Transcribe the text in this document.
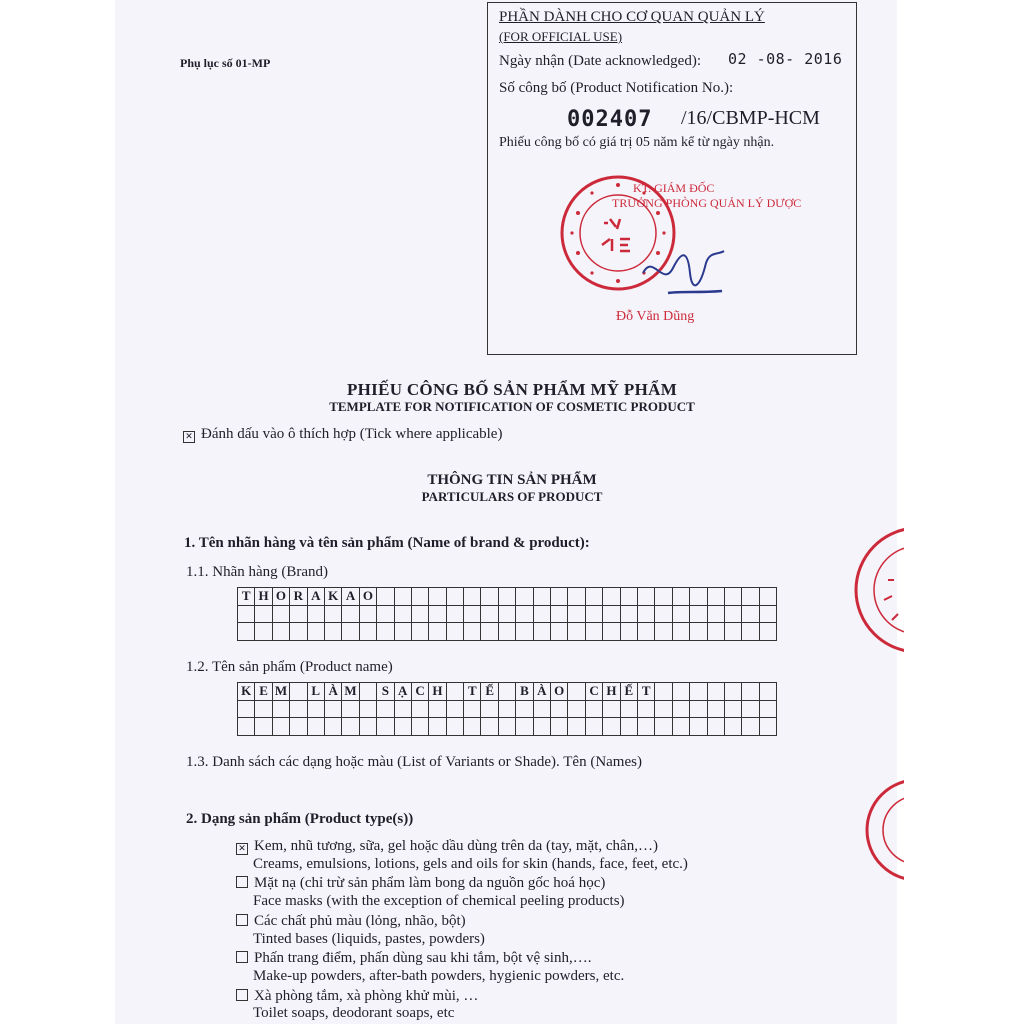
Phụ lục số 01-MP
PHẦN DÀNH CHO CƠ QUAN QUẢN LÝ
(FOR OFFICIAL USE)
Ngày nhận (Date acknowledged): 02 -08- 2016
Số công bố (Product Notification No.):
002407 /16/CBMP-HCM
Phiếu công bố có giá trị 05 năm kể từ ngày nhận.
KT. GIÁM ĐỐC
TRƯỞNG PHÒNG QUẢN LÝ DƯỢC
Đỗ Văn Dũng
PHIẾU CÔNG BỐ SẢN PHẨM MỸ PHẨM
TEMPLATE FOR NOTIFICATION OF COSMETIC PRODUCT
✕ Đánh dấu vào ô thích hợp (Tick where applicable)
THÔNG TIN SẢN PHẨM
PARTICULARS OF PRODUCT
1. Tên nhãn hàng và tên sản phẩm (Name of brand & product):
1.1. Nhãn hàng (Brand)
T	H	O	R	A	K	A	O																							

1.2. Tên sản phẩm (Product name)
K	E	M		L	À	M		S	Ạ	C	H		T	Ế		B	À	O		C	H	Ế	T							

1.3. Danh sách các dạng hoặc màu (List of Variants or Shade). Tên (Names)
2. Dạng sản phẩm (Product type(s))
✕ Kem, nhũ tương, sữa, gel hoặc dầu dùng trên da (tay, mặt, chân,…)
Creams, emulsions, lotions, gels and oils for skin (hands, face, feet, etc.)
Mặt nạ (chỉ trừ sản phẩm làm bong da nguồn gốc hoá học)
Face masks (with the exception of chemical peeling products)
Các chất phủ màu (lỏng, nhão, bột)
Tinted bases (liquids, pastes, powders)
Phấn trang điểm, phấn dùng sau khi tắm, bột vệ sinh,….
Make-up powders, after-bath powders, hygienic powders, etc.
Xà phòng tắm, xà phòng khử mùi, …
Toilet soaps, deodorant soaps, etc
